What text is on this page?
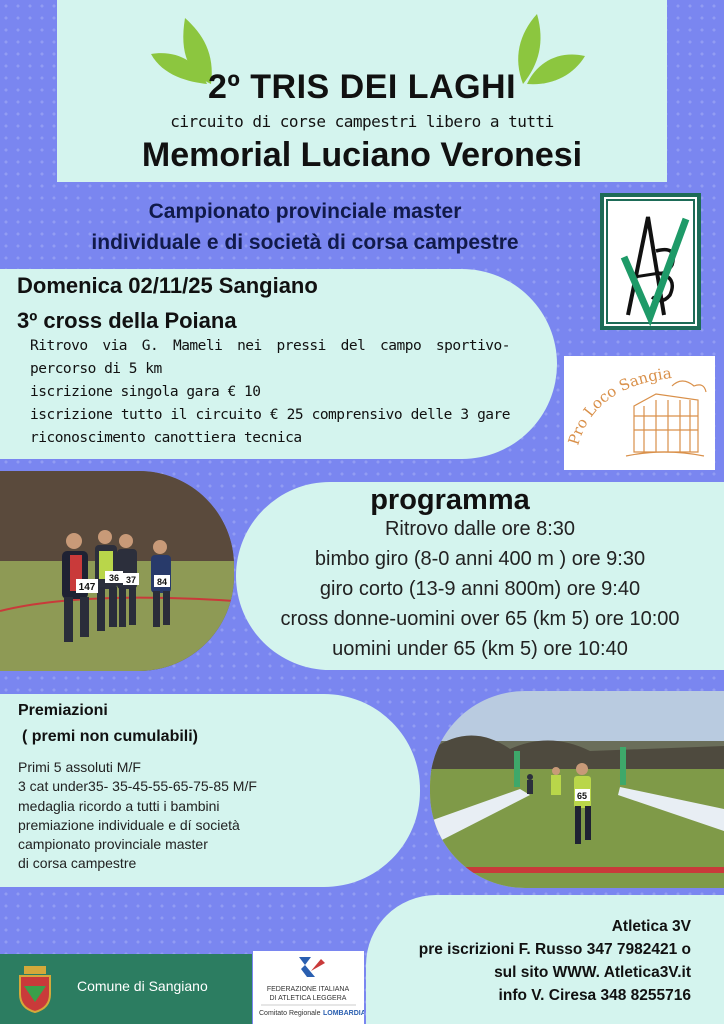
2º TRIS DEI LAGHI
circuito di corse campestri libero a tutti
Memorial Luciano Veronesi
Campionato provinciale master
individuale e di società di corsa campestre
Domenica 02/11/25 Sangiano
3º cross della Poiana
Ritrovo via G. Mameli nei pressi del campo sportivo-
percorso di 5 km
iscrizione singola gara € 10
iscrizione tutto il circuito € 25 comprensivo delle 3 gare
riconoscimento canottiera tecnica	Pro Loco Sangia
147
36 37 84
programma
Ritrovo dalle ore 8:30
bimbo giro (8-0 anni 400 m ) ore 9:30
giro corto (13-9 anni 800m) ore 9:40
cross donne-uomini over 65 (km 5) ore 10:00
uomini under 65 (km 5) ore 10:40
Premiazioni
( premi non cumulabili)
Primi 5 assoluti M/F
3 cat under35- 35-45-55-65-75-85 M/F
medaglia ricordo a tutti i bambini
premiazione individuale e dí società
campionato provinciale master
di corsa campestre
65
Atletica 3V
pre iscrizioni F. Russo 347 7982421 o
sul sito WWW. Atletica3V.it
info V. Ciresa 348 8255716
Comune di Sangiano	FEDERAZIONE ITALIANA
DI ATLETICA LEGGERA
Comitato Regionale LOMBARDIA
